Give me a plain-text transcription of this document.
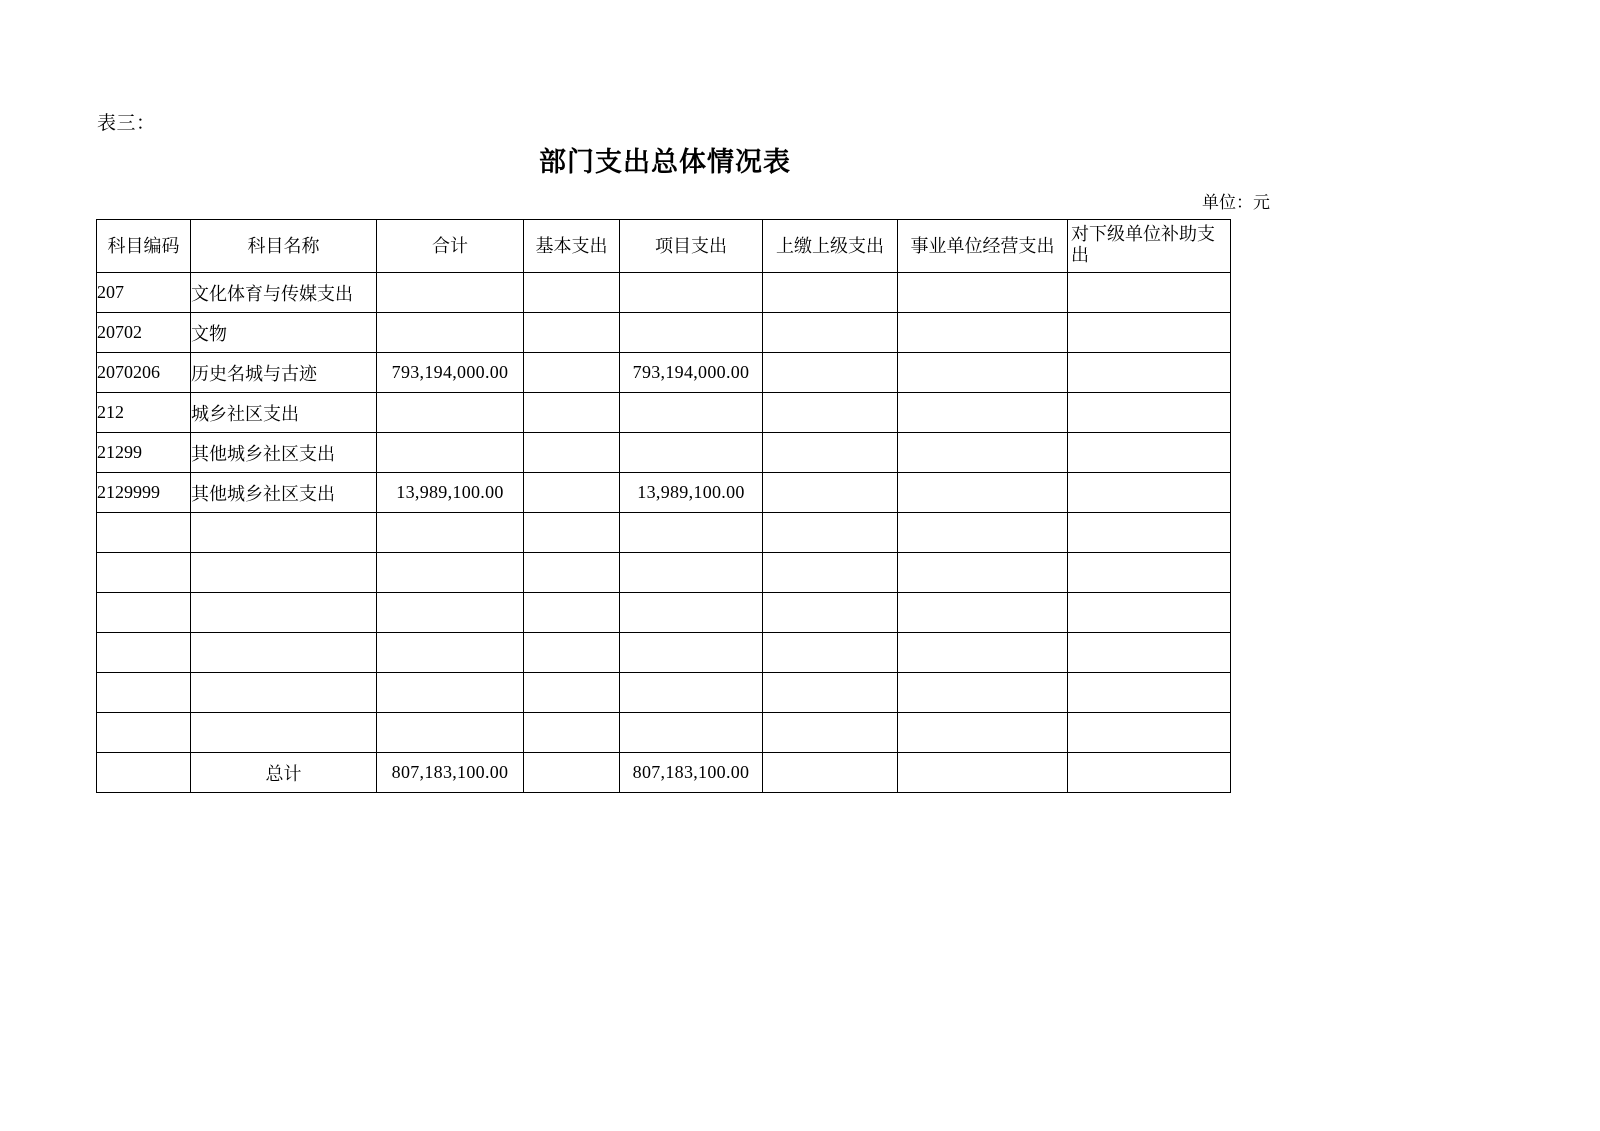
表三：
部门支出总体情况表
单位：元
科目编码	科目名称	合计	基本支出	项目支出	上缴上级支出	事业单位经营支出	对下级单位补助支出
207	文化体育与传媒支出						
20702	文物						
2070206	历史名城与古迹	793,194,000.00		793,194,000.00			
212	城乡社区支出						
21299	其他城乡社区支出						
2129999	其他城乡社区支出	13,989,100.00		13,989,100.00			

	总计	807,183,100.00		807,183,100.00			
